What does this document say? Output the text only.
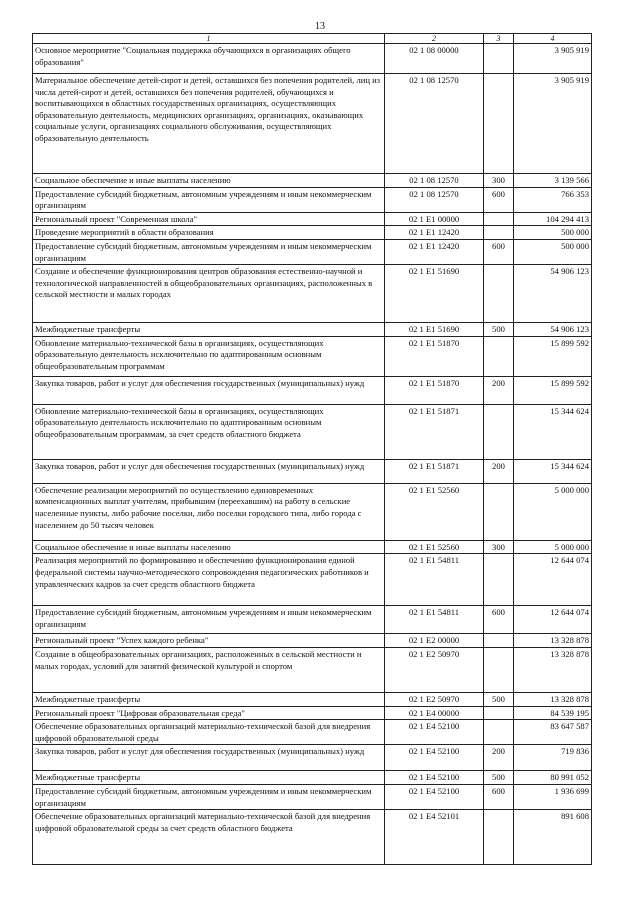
13
1	2	3	4
Основное мероприятие "Социальная поддержка обучающихся в организациях общего образования"	02 1 08 00000		3 905 919
Материальное обеспечение детей-сирот и детей, оставшихся без попечения родителей, лиц из числа детей-сирот и детей, оставшихся без попечения родителей, обучающихся и воспитывающихся в областных государственных организациях, осуществляющих образовательную деятельность, медицинских организациях, организациях, оказывающих социальные услуги, организациях социального обслуживания, осуществляющих образовательную деятельность	02 1 08 12570		3 905 919
Социальное обеспечение и иные выплаты населению	02 1 08 12570	300	3 139 566
Предоставление субсидий бюджетным, автономным учреждениям и иным некоммерческим организациям	02 1 08 12570	600	766 353
Региональный проект "Современная школа"	02 1 E1 00000		104 294 413
Проведение мероприятий в области образования	02 1 E1 12420		500 000
Предоставление субсидий бюджетным, автономным учреждениям и иным некоммерческим организациям	02 1 E1 12420	600	500 000
Создание и обеспечение функционирования центров образования естественно-научной и технологической направленностей в общеобразовательных организациях, расположенных в сельской местности и малых городах	02 1 E1 51690		54 906 123
Межбюджетные трансферты	02 1 E1 51690	500	54 906 123
Обновление материально-технической базы в организациях, осуществляющих образовательную деятельность исключительно по адаптированным основным общеобразовательным программам	02 1 E1 51870		15 899 592
Закупка товаров, работ и услуг для обеспечения государственных (муниципальных) нужд	02 1 E1 51870	200	15 899 592
Обновление материально-технической базы в организациях, осуществляющих образовательную деятельность исключительно по адаптированным основным общеобразовательным программам, за счет средств областного бюджета	02 1 E1 51871		15 344 624
Закупка товаров, работ и услуг для обеспечения государственных (муниципальных) нужд	02 1 E1 51871	200	15 344 624
Обеспечение реализации мероприятий по осуществлению единовременных компенсационных выплат учителям, прибывшим (переехавшим) на работу в сельские населенные пункты, либо рабочие поселки, либо поселки городского типа, либо города с населением до 50 тысяч человек	02 1 E1 52560		5 000 000
Социальное обеспечение и иные выплаты населению	02 1 E1 52560	300	5 000 000
Реализация мероприятий по формированию и обеспечению функционирования единой федеральной системы научно-методического сопровождения педагогических работников и управленческих кадров за счет средств областного бюджета	02 1 E1 54811		12 644 074
Предоставление субсидий бюджетным, автономным учреждениям и иным некоммерческим организациям	02 1 E1 54811	600	12 644 074
Региональный проект "Успех каждого ребенка"	02 1 E2 00000		13 328 878
Создание в общеобразовательных организациях, расположенных в сельской местности и малых городах, условий для занятий физической культурой и спортом	02 1 E2 50970		13 328 878
Межбюджетные трансферты	02 1 E2 50970	500	13 328 878
Региональный проект "Цифровая образовательная среда"	02 1 E4 00000		84 539 195
Обеспечение образовательных организаций материально-технической базой для внедрения цифровой образовательной среды	02 1 E4 52100		83 647 587
Закупка товаров, работ и услуг для обеспечения государственных (муниципальных) нужд	02 1 E4 52100	200	719 836
Межбюджетные трансферты	02 1 E4 52100	500	80 991 052
Предоставление субсидий бюджетным, автономным учреждениям и иным некоммерческим организациям	02 1 E4 52100	600	1 936 699
Обеспечение образовательных организаций материально-технической базой для внедрения цифровой образовательной среды за счет средств областного бюджета	02 1 E4 52101		891 608
